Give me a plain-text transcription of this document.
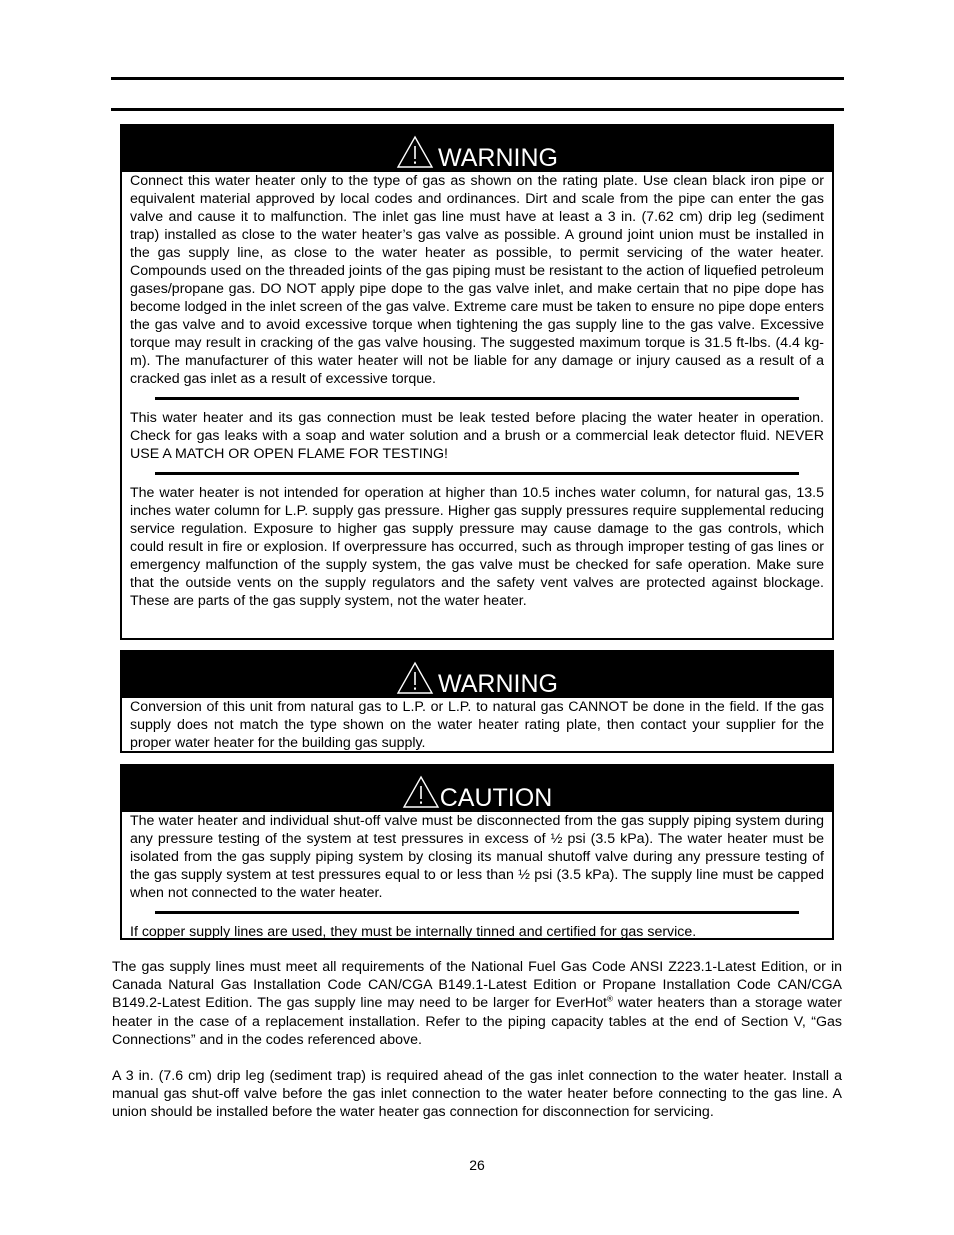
WARNING

Connect this water heater only to the type of gas as shown on the rating plate. Use clean black iron pipe or equivalent material approved by local codes and ordinances. Dirt and scale from the pipe can enter the gas valve and cause it to malfunction. The inlet gas line must have at least a 3 in. (7.62 cm) drip leg (sediment trap) installed as close to the water heater’s gas valve as possible. A ground joint union must be installed in the gas supply line, as close to the water heater as possible, to permit servicing of the water heater. Compounds used on the threaded joints of the gas piping must be resistant to the action of liquefied petroleum gases/propane gas. DO NOT apply pipe dope to the gas valve inlet, and make certain that no pipe dope has become lodged in the inlet screen of the gas valve. Extreme care must be taken to ensure no pipe dope enters the gas valve and to avoid excessive torque when tightening the gas supply line to the gas valve. Excessive torque may result in cracking of the gas valve housing. The suggested maximum torque is 31.5 ft-lbs. (4.4 kg-m). The manufacturer of this water heater will not be liable for any damage or injury caused as a result of a cracked gas inlet as a result of excessive torque.

This water heater and its gas connection must be leak tested before placing the water heater in operation. Check for gas leaks with a soap and water solution and a brush or a commercial leak detector fluid. NEVER USE A MATCH OR OPEN FLAME FOR TESTING!

The water heater is not intended for operation at higher than 10.5 inches water column, for natural gas, 13.5 inches water column for L.P. supply gas pressure. Higher gas supply pressures require supplemental reducing service regulation. Exposure to higher gas supply pressure may cause damage to the gas controls, which could result in fire or explosion. If overpressure has occurred, such as through improper testing of gas lines or emergency malfunction of the supply system, the gas valve must be checked for safe operation. Make sure that the outside vents on the supply regulators and the safety vent valves are protected against blockage. These are parts of the gas supply system, not the water heater.

WARNING

Conversion of this unit from natural gas to L.P. or L.P. to natural gas CANNOT be done in the field. If the gas supply does not match the type shown on the water heater rating plate, then contact your supplier for the proper water heater for the building gas supply.

CAUTION

The water heater and individual shut-off valve must be disconnected from the gas supply piping system during any pressure testing of the system at test pressures in excess of ½ psi (3.5 kPa). The water heater must be isolated from the gas supply piping system by closing its manual shutoff valve during any pressure testing of the gas supply system at test pressures equal to or less than ½ psi (3.5 kPa). The supply line must be capped when not connected to the water heater.

If copper supply lines are used, they must be internally tinned and certified for gas service.

The gas supply lines must meet all requirements of the National Fuel Gas Code ANSI Z223.1-Latest Edition, or in Canada Natural Gas Installation Code CAN/CGA B149.1-Latest Edition or Propane Installation Code CAN/CGA B149.2-Latest Edition. The gas supply line may need to be larger for EverHot® water heaters than a storage water heater in the case of a replacement installation. Refer to the piping capacity tables at the end of Section V, “Gas Connections” and in the codes referenced above.

A 3 in. (7.6 cm) drip leg (sediment trap) is required ahead of the gas inlet connection to the water heater. Install a manual gas shut-off valve before the gas inlet connection to the water heater before connecting to the gas line. A union should be installed before the water heater gas connection for disconnection for servicing.

26
